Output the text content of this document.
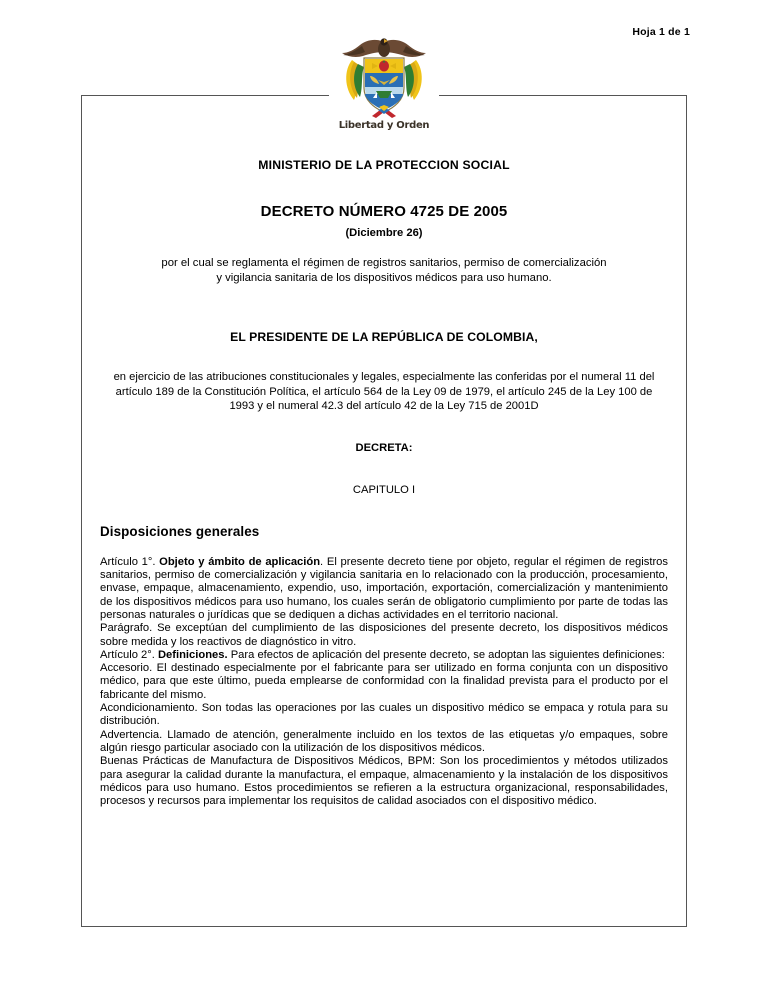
Hoja 1 de 1
Libertad y Orden
MINISTERIO DE LA PROTECCION SOCIAL
DECRETO NÚMERO 4725 DE 2005
(Diciembre 26)
por el cual se reglamenta el régimen de registros sanitarios, permiso de comercialización
y vigilancia sanitaria de los dispositivos médicos para uso humano.
EL PRESIDENTE DE LA REPÚBLICA DE COLOMBIA,
en ejercicio de las atribuciones constitucionales y legales, especialmente las conferidas por el numeral 11 del artículo 189 de la Constitución Política, el artículo 564 de la Ley 09 de 1979, el artículo 245 de la Ley 100 de 1993 y el numeral 42.3 del artículo 42 de la Ley 715 de 2001D
DECRETA:
CAPITULO I
Disposiciones generales

Artículo 1°. Objeto y ámbito de aplicación. El presente decreto tiene por objeto, regular el régimen de registros sanitarios, permiso de comercialización y vigilancia sanitaria en lo relacionado con la producción, procesamiento, envase, empaque, almacenamiento, expendio, uso, importación, exportación, comercialización y mantenimiento de los dispositivos médicos para uso humano, los cuales serán de obligatorio cumplimiento por parte de todas las personas naturales o jurídicas que se dediquen a dichas actividades en el territorio nacional.

Parágrafo. Se exceptúan del cumplimiento de las disposiciones del presente decreto, los dispositivos médicos sobre medida y los reactivos de diagnóstico in vitro.

Artículo 2°. Definiciones. Para efectos de aplicación del presente decreto, se adoptan las siguientes definiciones:

Accesorio. El destinado especialmente por el fabricante para ser utilizado en forma conjunta con un dispositivo médico, para que este último, pueda emplearse de conformidad con la finalidad prevista para el producto por el fabricante del mismo.

Acondicionamiento. Son todas las operaciones por las cuales un dispositivo médico se empaca y rotula para su distribución.

Advertencia. Llamado de atención, generalmente incluido en los textos de las etiquetas y/o empaques, sobre algún riesgo particular asociado con la utilización de los dispositivos médicos.

Buenas Prácticas de Manufactura de Dispositivos Médicos, BPM: Son los procedimientos y métodos utilizados para asegurar la calidad durante la manufactura, el empaque, almacenamiento y la instalación de los dispositivos médicos para uso humano. Estos procedimientos se refieren a la estructura organizacional, responsabilidades, procesos y recursos para implementar los requisitos de calidad asociados con el dispositivo médico.
